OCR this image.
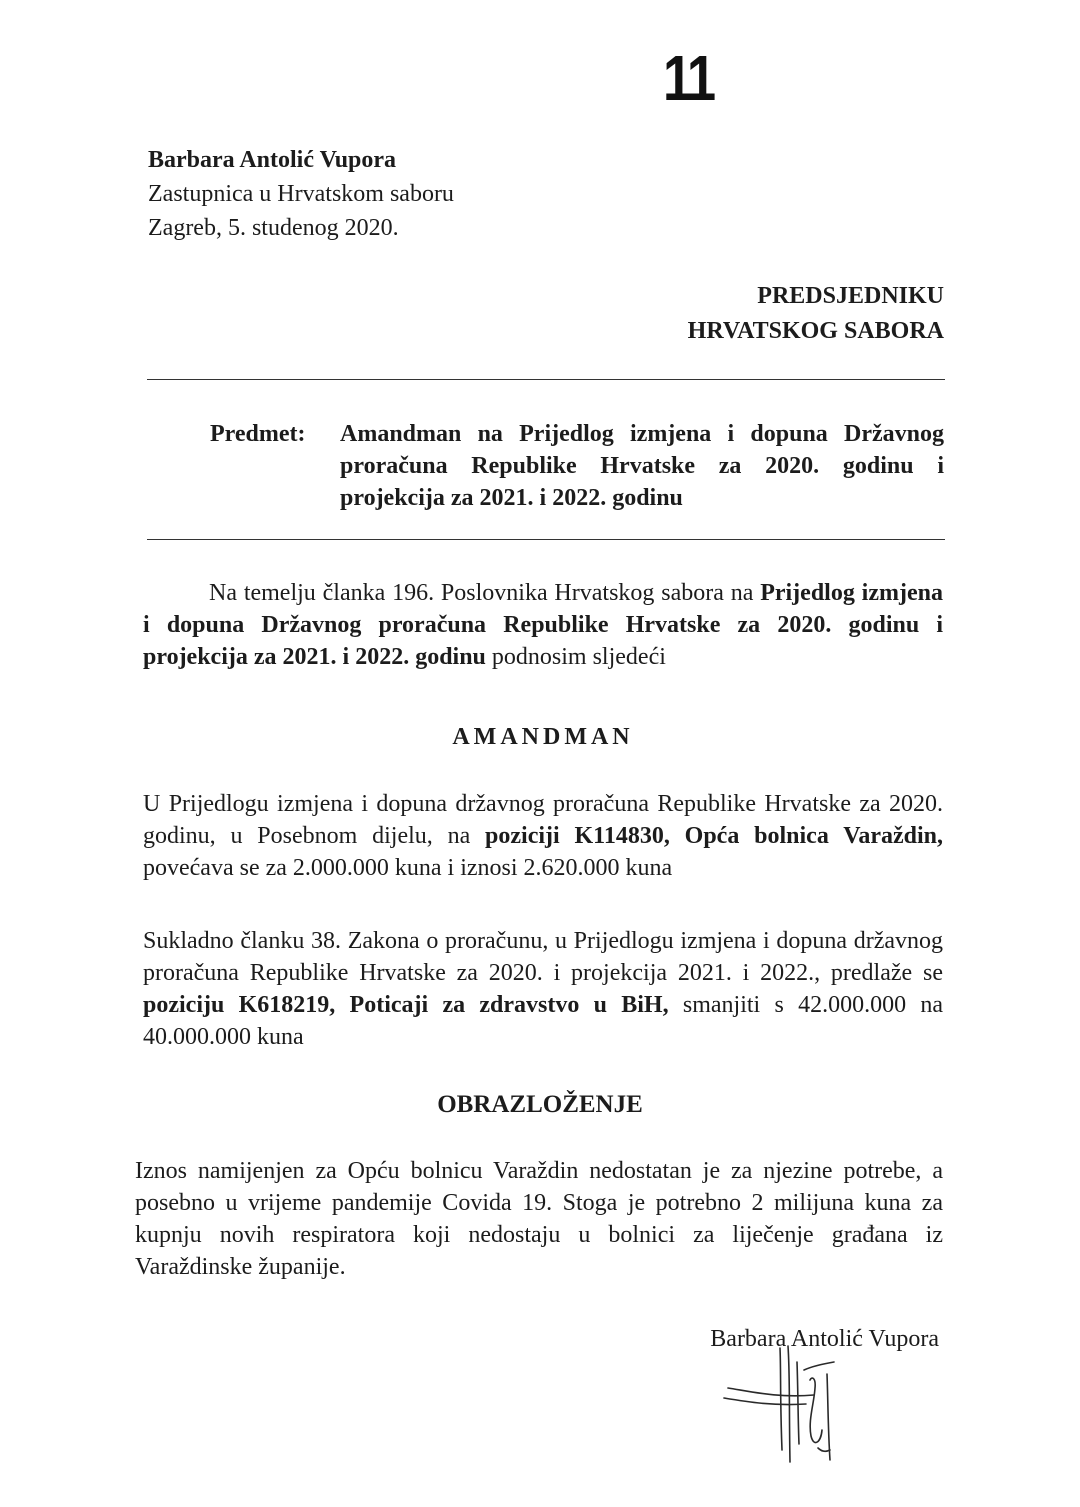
11
Barbara Antolić Vupora
Zastupnica u Hrvatskom saboru
Zagreb, 5. studenog 2020.
PREDSJEDNIKU
HRVATSKOG SABORA
Predmet: Amandman na Prijedlog izmjena i dopuna Državnog proračuna Republike Hrvatske za 2020. godinu i projekcija za 2021. i 2022. godinu
Na temelju članka 196. Poslovnika Hrvatskog sabora na Prijedlog izmjena i dopuna Državnog proračuna Republike Hrvatske za 2020. godinu i projekcija za 2021. i 2022. godinu podnosim sljedeći
AMANDMAN
U Prijedlogu izmjena i dopuna državnog proračuna Republike Hrvatske za 2020. godinu, u Posebnom dijelu, na poziciji K114830, Opća bolnica Varaždin, povećava se za 2.000.000 kuna i iznosi 2.620.000 kuna
Sukladno članku 38. Zakona o proračunu, u Prijedlogu izmjena i dopuna državnog proračuna Republike Hrvatske za 2020. i projekcija 2021. i 2022., predlaže se poziciju K618219, Poticaji za zdravstvo u BiH, smanjiti s 42.000.000 na 40.000.000 kuna
OBRAZLOŽENJE
Iznos namijenjen za Opću bolnicu Varaždin nedostatan je za njezine potrebe, a posebno u vrijeme pandemije Covida 19. Stoga je potrebno 2 milijuna kuna za kupnju novih respiratora koji nedostaju u bolnici za liječenje građana iz Varaždinske županije.
Barbara Antolić Vupora
